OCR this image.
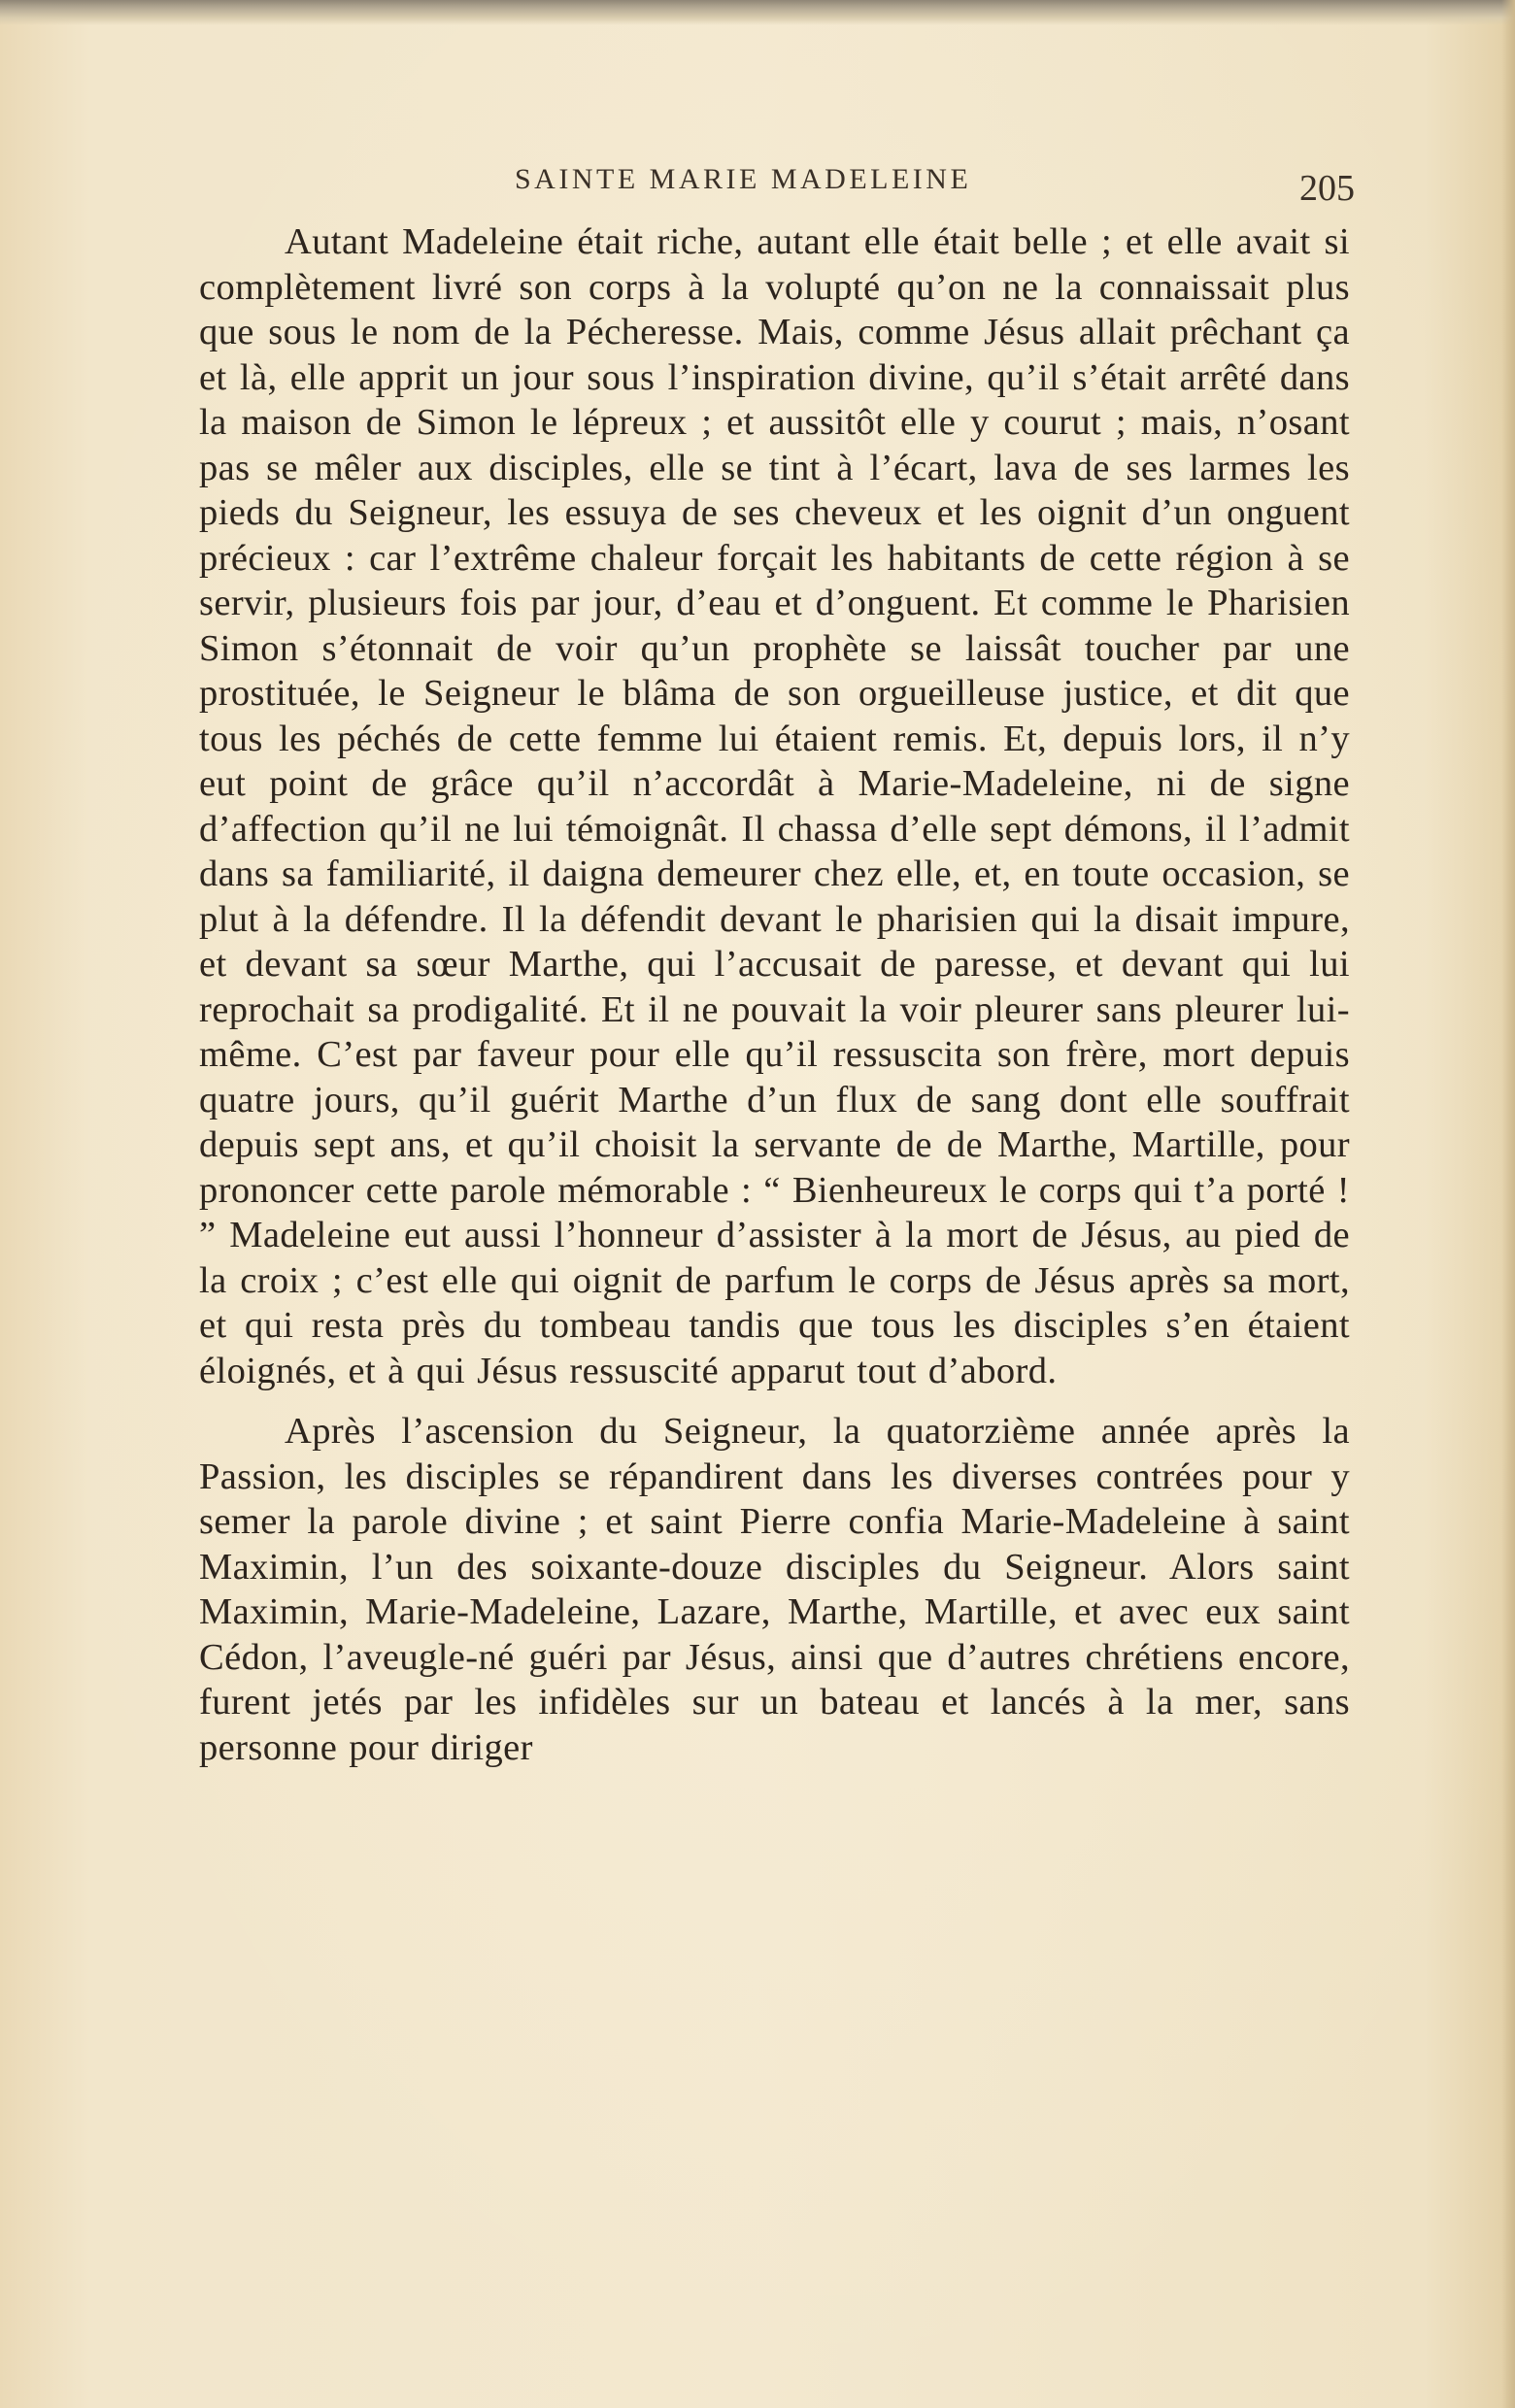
SAINTE MARIE MADELEINE	205

Autant Madeleine était riche, autant elle était belle ; et elle avait si complètement livré son corps à la volupté qu’on ne la connaissait plus que sous le nom de la Pécheresse. Mais, comme Jésus allait prêchant ça et là, elle apprit un jour sous l’inspiration divine, qu’il s’était arrêté dans la maison de Simon le lépreux ; et aussitôt elle y courut ; mais, n’osant pas se mêler aux disciples, elle se tint à l’écart, lava de ses larmes les pieds du Seigneur, les essuya de ses cheveux et les oignit d’un onguent précieux : car l’extrême chaleur forçait les habitants de cette région à se servir, plusieurs fois par jour, d’eau et d’onguent. Et comme le Pharisien Simon s’étonnait de voir qu’un prophète se laissât toucher par une prostituée, le Seigneur le blâma de son orgueilleuse justice, et dit que tous les péchés de cette femme lui étaient remis. Et, depuis lors, il n’y eut point de grâce qu’il n’accordât à Marie-Madeleine, ni de signe d’affection qu’il ne lui témoignât. Il chassa d’elle sept démons, il l’admit dans sa familiarité, il daigna demeurer chez elle, et, en toute occasion, se plut à la défendre. Il la défendit devant le pharisien qui la disait impure, et devant sa sœur Marthe, qui l’accusait de paresse, et devant qui lui reprochait sa prodigalité. Et il ne pouvait la voir pleurer sans pleurer lui-même. C’est par faveur pour elle qu’il ressuscita son frère, mort depuis quatre jours, qu’il guérit Marthe d’un flux de sang dont elle souffrait depuis sept ans, et qu’il choisit la servante de de Marthe, Martille, pour prononcer cette parole mémorable : “ Bienheureux le corps qui t’a porté ! ” Madeleine eut aussi l’honneur d’assister à la mort de Jésus, au pied de la croix ; c’est elle qui oignit de parfum le corps de Jésus après sa mort, et qui resta près du tombeau tandis que tous les disciples s’en étaient éloignés, et à qui Jésus ressuscité apparut tout d’abord.

Après l’ascension du Seigneur, la quatorzième année après la Passion, les disciples se répandirent dans les diverses contrées pour y semer la parole divine ; et saint Pierre confia Marie-Madeleine à saint Maximin, l’un des soixante-douze disciples du Seigneur. Alors saint Maximin, Marie-Madeleine, Lazare, Marthe, Martille, et avec eux saint Cédon, l’aveugle-né guéri par Jésus, ainsi que d’autres chrétiens encore, furent jetés par les infidèles sur un bateau et lancés à la mer, sans personne pour diriger
